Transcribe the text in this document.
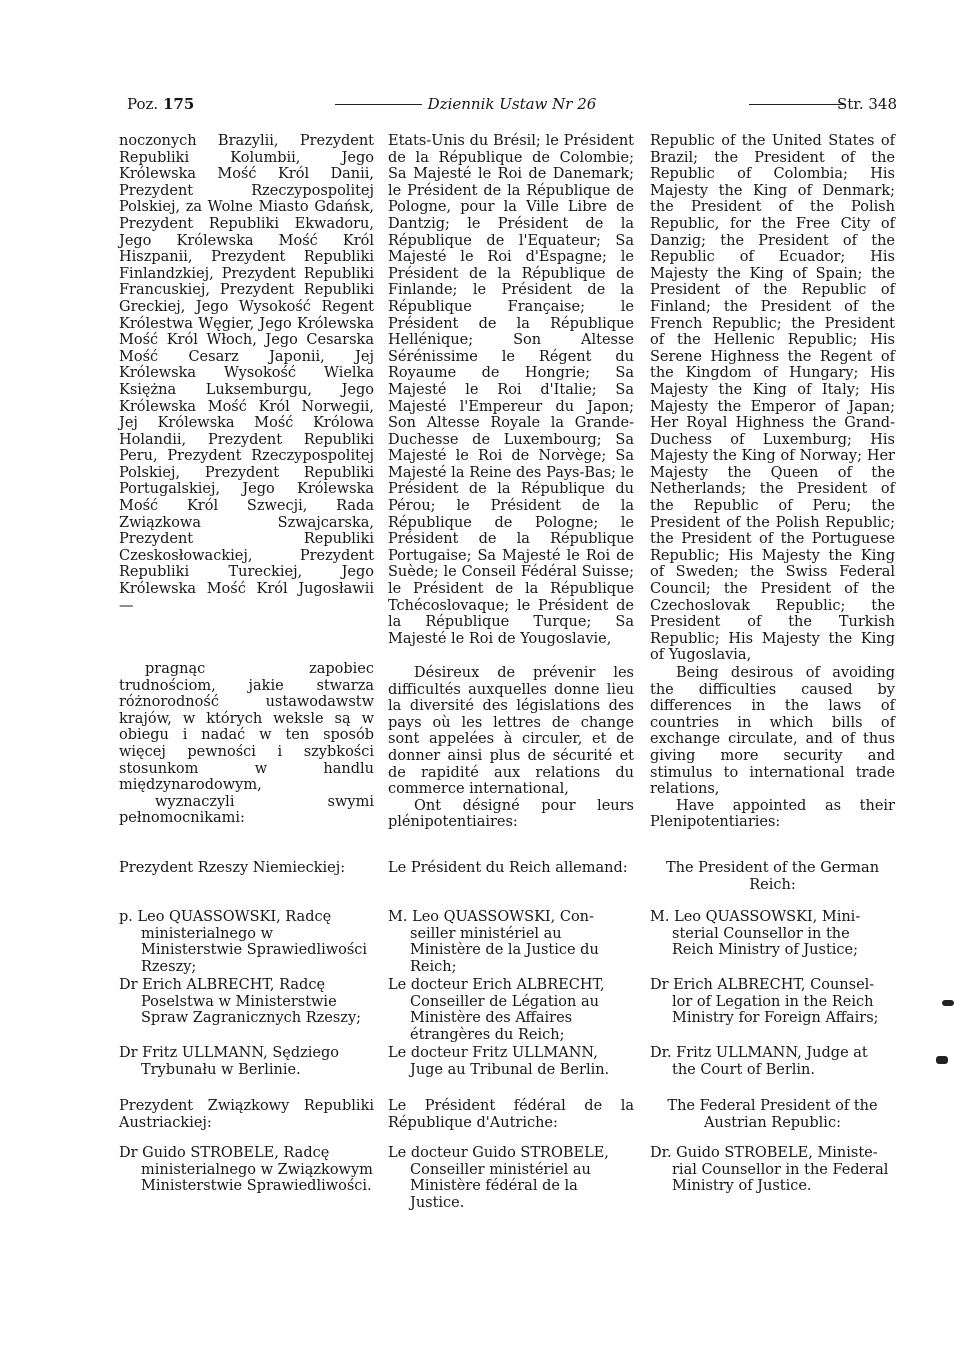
Poz. 175	Dziennik Ustaw Nr 26	Str. 348
noczonych Brazylii, Prezydent Republiki Kolumbii, Jego Królewska Mość Król Danii, Prezydent Rzeczypospolitej Polskiej, za Wolne Miasto Gdańsk, Prezydent Republiki Ekwadoru, Jego Królewska Mość Król Hiszpanii, Prezydent Republiki Finlandzkiej, Prezydent Republiki Francuskiej, Prezydent Republiki Greckiej, Jego Wysokość Regent Królestwa Węgier, Jego Królewska Mość Król Włoch, Jego Cesarska Mość Cesarz Japonii, Jej Królewska Wysokość Wielka Księżna Luksemburgu, Jego Królewska Mość Król Norwegii, Jej Królewska Mość Królowa Holandii, Prezydent Republiki Peru, Prezydent Rzeczypospolitej Polskiej, Prezydent Republiki Portugalskiej, Jego Królewska Mość Król Szwecji, Rada Związkowa Szwajcarska, Prezydent Republiki Czeskosłowackiej, Prezydent Republiki Tureckiej, Jego Królewska Mość Król Jugosławii —
pragnąc zapobiec trudnościom, jakie stwarza różnorodność ustawodawstw krajów, w których weksle są w obiegu i nadać w ten sposób więcej pewności i szybkości stosunkom w handlu międzynarodowym,
wyznaczyli swymi pełnomocnikami:
Prezydent Rzeszy Niemieckiej:
p. Leo QUASSOWSKI, Radcę
ministerialnego w Ministerstwie Sprawiedliwości Rzeszy;
Dr Erich ALBRECHT, Radcę
Poselstwa w Ministerstwie Spraw Zagranicznych Rzeszy;
Dr Fritz ULLMANN, Sędziego
Trybunału w Berlinie.
Prezydent Związkowy Republiki Austriackiej:
Dr Guido STROBELE, Radcę
ministerialnego w Związkowym Ministerstwie Sprawiedliwości.
Etats-Unis du Brésil; le Président de la République de Colombie; Sa Majesté le Roi de Danemark; le Président de la République de Pologne, pour la Ville Libre de Dantzig; le Président de la République de l'Equateur; Sa Majesté le Roi d'Espagne; le Président de la République de Finlande; le Président de la République Française; le Président de la République Hellénique; Son Altesse Sérénissime le Régent du Royaume de Hongrie; Sa Majesté le Roi d'Italie; Sa Majesté l'Empereur du Japon; Son Altesse Royale la Grande-Duchesse de Luxembourg; Sa Majesté le Roi de Norvège; Sa Majesté la Reine des Pays-Bas; le Président de la République du Pérou; le Président de la République de Pologne; le Président de la République Portugaise; Sa Majesté le Roi de Suède; le Conseil Fédéral Suisse; le Président de la République Tchécoslovaque; le Président de la République Turque; Sa Majesté le Roi de Yougoslavie,
Désireux de prévenir les difficultés auxquelles donne lieu la diversité des législations des pays où les lettres de change sont appelées à circuler, et de donner ainsi plus de sécurité et de rapidité aux relations du commerce international,
Ont désigné pour leurs plénipotentiaires:
Le Président du Reich allemand:
M. Leo QUASSOWSKI, Con-
seiller ministériel au Ministère de la Justice du Reich;
Le docteur Erich ALBRECHT,
Conseiller de Légation au Ministère des Affaires étrangères du Reich;
Le docteur Fritz ULLMANN,
Juge au Tribunal de Berlin.
Le Président fédéral de la République d'Autriche:
Le docteur Guido STROBELE,
Conseiller ministériel au Ministère fédéral de la Justice.
Republic of the United States of Brazil; the President of the Republic of Colombia; His Majesty the King of Denmark; the President of the Polish Republic, for the Free City of Danzig; the President of the Republic of Ecuador; His Majesty the King of Spain; the President of the Republic of Finland; the President of the French Republic; the President of the Hellenic Republic; His Serene Highness the Regent of the Kingdom of Hungary; His Majesty the King of Italy; His Majesty the Emperor of Japan; Her Royal Highness the Grand-Duchess of Luxemburg; His Majesty the King of Norway; Her Majesty the Queen of the Netherlands; the President of the Republic of Peru; the President of the Polish Republic; the President of the Portuguese Republic; His Majesty the King of Sweden; the Swiss Federal Council; the President of the Czechoslovak Republic; the President of the Turkish Republic; His Majesty the King of Yugoslavia,
Being desirous of avoiding the difficulties caused by differences in the laws of countries in which bills of exchange circulate, and of thus giving more security and stimulus to international trade relations,
Have appointed as their Plenipotentiaries:
The President of the German Reich:
M. Leo QUASSOWSKI, Mini-
sterial Counsellor in the Reich Ministry of Justice;
Dr Erich ALBRECHT, Counsel-
lor of Legation in the Reich Ministry for Foreign Affairs;
Dr. Fritz ULLMANN, Judge at
the Court of Berlin.
The Federal President of the Austrian Republic:
Dr. Guido STROBELE, Ministe-
rial Counsellor in the Federal Ministry of Justice.
